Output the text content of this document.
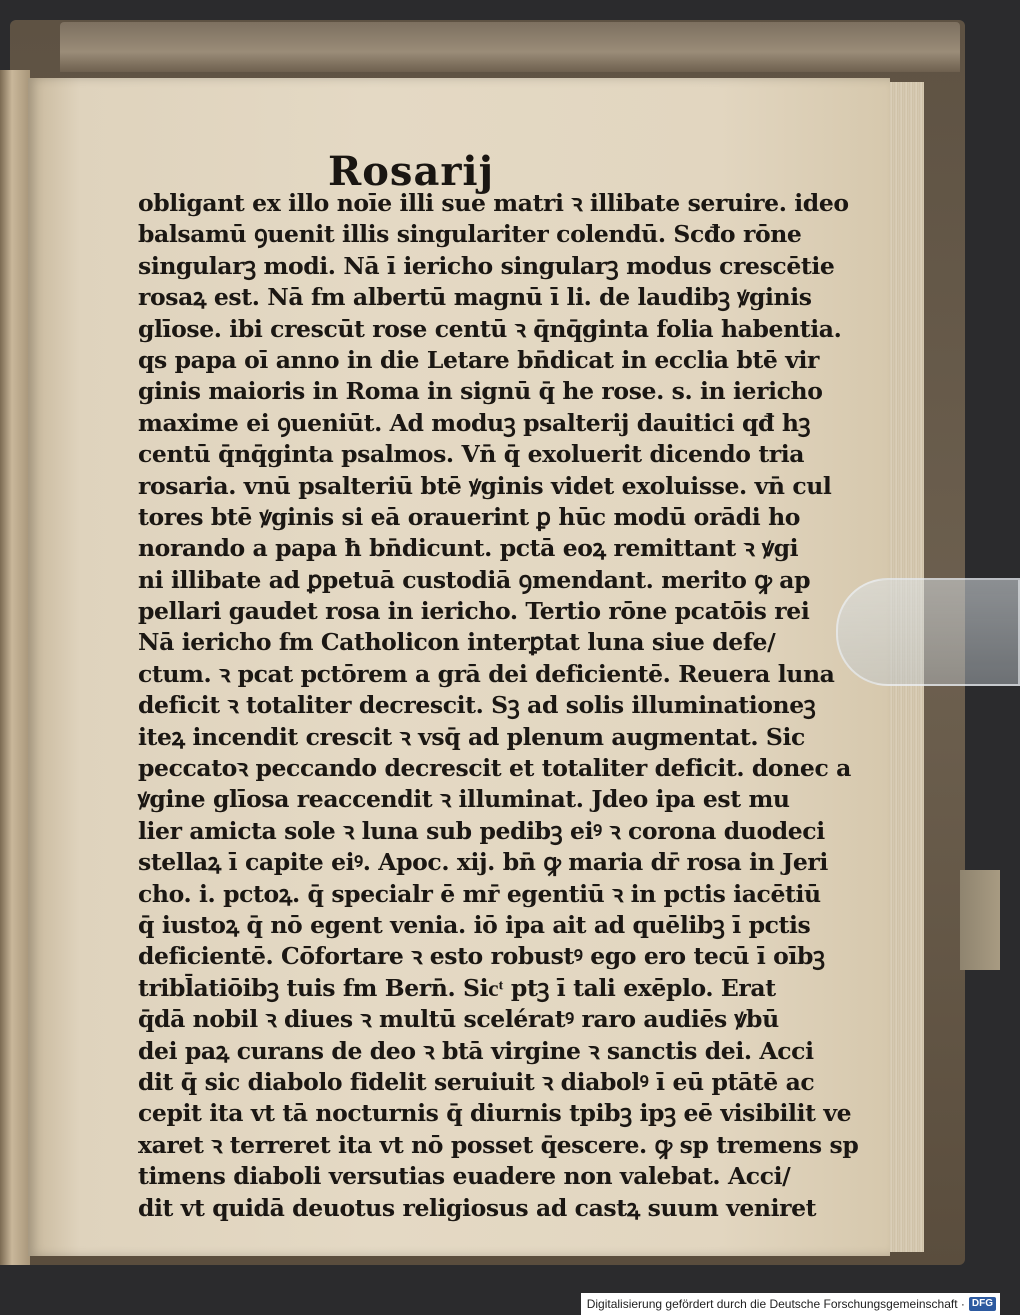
Rosarij
obligant ex illo noīe illi sue matri ꝛ illibate seruire. ideo
balsamū ꝯuenit illis singulariter colendū. Scđo rōne
singularꝫ modi. Nā ī iericho singularꝫ modus crescētie
rosaꝝ est. Nā fm albertū magnū ī li. de laudibꝫ ꝟginis
glīose. ibi crescūt rose centū ꝛ q̄nq̄ginta folia habentia.
qs papa oī anno in die Letare bn̄dicat in ecclia btē vir
ginis maioris in Roma in signū q̄ he rose. s. in iericho
maxime ei ꝯueniūt. Ad moduꝫ psalterij dauitici qđ hꝫ
centū q̄nq̄ginta psalmos. Vn̄ q̄ exoluerit dicendo tria
rosaria. vnū psalteriū btē ꝟginis videt exoluisse. vn̄ cul
tores btē ꝟginis si eā orauerint ꝑ hūc modū orādi ho
norando a papa ħ bn̄dicunt. pctā eoꝝ remittant ꝛ ꝟgi
ni illibate ad ꝑpetuā custodiā ꝯmendant. merito ꝙ ap
pellari gaudet rosa in iericho. Tertio rōne pcatōis rei
Nā iericho fm Catholicon interꝑtat luna siue defe/
ctum. ꝛ pcat pctōrem a grā dei deficientē. Reuera luna
deficit ꝛ totaliter decrescit. Sꝫ ad solis illuminationeꝫ
iteꝝ incendit crescit ꝛ vsq̄ ad plenum augmentat. Sic
peccatoꝛ peccando decrescit et totaliter deficit. donec a
ꝟgine glīosa reaccendit ꝛ illuminat. Jdeo ipa est mu
lier amicta sole ꝛ luna sub pedibꝫ eiꝰ ꝛ corona duodeci
stellaꝝ ī capite eiꝰ. Apoc. xij. bn̄ ꝙ maria dr̄ rosa in Jeri
cho. i. pctoꝝ. q̄ specialr ē mr̄ egentiū ꝛ in pctis iacētiū
q̄ iustoꝝ q̄ nō egent venia. iō ipa ait ad quēlibꝫ ī pctis
deficientē. Cōfortare ꝛ esto robustꝰ ego ero tecū ī oībꝫ
tribl̄atiōibꝫ tuis fm Bern̄. Sicͭ ptꝫ ī tali exēplo. Erat
q̄dā nobil ꝛ diues ꝛ multū scelératꝰ raro audiēs ꝟbū
dei paꝝ curans de deo ꝛ btā virgine ꝛ sanctis dei. Acci
dit q̄ sic diabolo fidelit seruiuit ꝛ diabolꝰ ī eū ptātē ac
cepit ita vt tā nocturnis q̄ diurnis tpibꝫ ipꝫ eē visibilit ve
xaret ꝛ terreret ita vt nō posset q̄escere. ꝙ sp tremens sp
timens diaboli versutias euadere non valebat. Acci/
dit vt quidā deuotus religiosus ad castꝝ suum veniret
Digitalisierung gefördert durch die Deutsche Forschungsgemeinschaft · DFG
